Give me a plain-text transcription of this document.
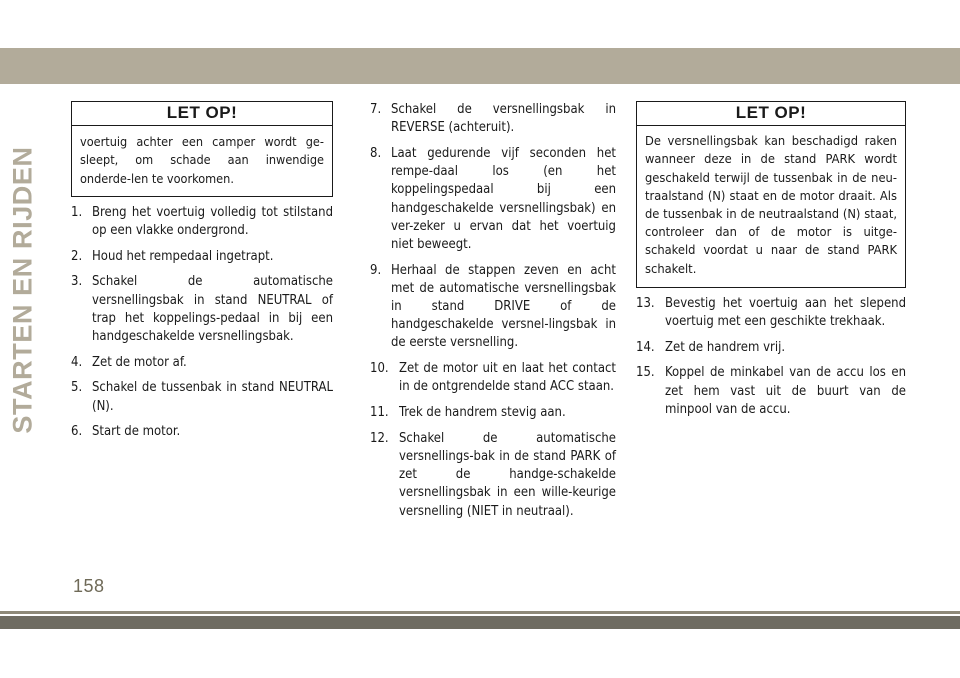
STARTEN EN RIJDEN
LET OP!
voertuig achter een camper wordt ge-sleept, om schade aan inwendige onderde-len te voorkomen.
1. Breng het voertuig volledig tot stilstand op een vlakke ondergrond.
2. Houd het rempedaal ingetrapt.
3. Schakel de automatische versnellingsbak in stand NEUTRAL of trap het koppelings-pedaal in bij een handgeschakelde versnellingsbak.
4. Zet de motor af.
5. Schakel de tussenbak in stand NEUTRAL (N).
6. Start de motor.
7. Schakel de versnellingsbak in REVERSE (achteruit).
8. Laat gedurende vijf seconden het rempe-daal los (en het koppelingspedaal bij een handgeschakelde versnellingsbak) en ver-zeker u ervan dat het voertuig niet beweegt.
9. Herhaal de stappen zeven en acht met de automatische versnellingsbak in stand DRIVE of de handgeschakelde versnel-lingsbak in de eerste versnelling.
10. Zet de motor uit en laat het contact in de ontgrendelde stand ACC staan.
11. Trek de handrem stevig aan.
12. Schakel de automatische versnellings-bak in de stand PARK of zet de handge-schakelde versnellingsbak in een wille-keurige versnelling (NIET in neutraal).
LET OP!
De versnellingsbak kan beschadigd raken wanneer deze in de stand PARK wordt geschakeld terwijl de tussenbak in de neu-traalstand (N) staat en de motor draait. Als de tussenbak in de neutraalstand (N) staat, controleer dan of de motor is uitge-schakeld voordat u naar de stand PARK schakelt.
13. Bevestig het voertuig aan het slepend voertuig met een geschikte trekhaak.
14. Zet de handrem vrij.
15. Koppel de minkabel van de accu los en zet hem vast uit de buurt van de minpool van de accu.
158
